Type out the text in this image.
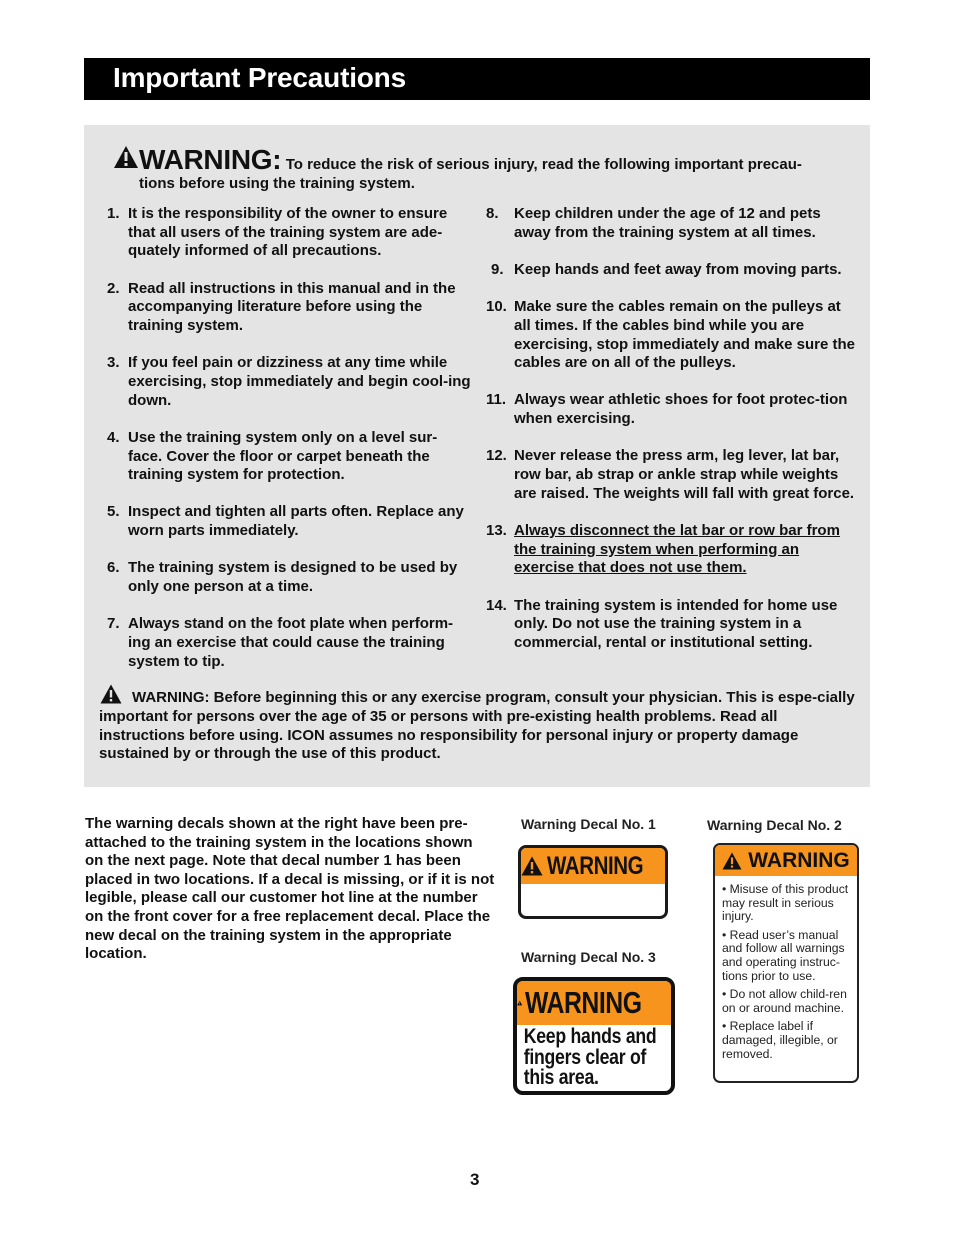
Important Precautions
WARNING: To reduce the risk of serious injury, read the following important precau-
tions before using the training system.
1. It is the responsibility of the owner to ensure that all users of the training system are ade-quately informed of all precautions.
2. Read all instructions in this manual and in the accompanying literature before using the training system.
3. If you feel pain or dizziness at any time while exercising, stop immediately and begin cool-ing down.
4. Use the training system only on a level sur-face. Cover the floor or carpet beneath the training system for protection.
5. Inspect and tighten all parts often. Replace any worn parts immediately.
6. The training system is designed to be used by only one person at a time.
7. Always stand on the foot plate when perform-ing an exercise that could cause the training system to tip.
8. Keep children under the age of 12 and pets away from the training system at all times.
9. Keep hands and feet away from moving parts.
10. Make sure the cables remain on the pulleys at all times. If the cables bind while you are exercising, stop immediately and make sure the cables are on all of the pulleys.
11. Always wear athletic shoes for foot protec-tion when exercising.
12. Never release the press arm, leg lever, lat bar, row bar, ab strap or ankle strap while weights are raised. The weights will fall with great force.
13. Always disconnect the lat bar or row bar from the training system when performing an exercise that does not use them.
14. The training system is intended for home use only. Do not use the training system in a commercial, rental or institutional setting.
WARNING: Before beginning this or any exercise program, consult your physician. This is espe-cially important for persons over the age of 35 or persons with pre-existing health problems. Read all instructions before using. ICON assumes no responsibility for personal injury or property damage sustained by or through the use of this product.
The warning decals shown at the right have been pre-attached to the training system in the locations shown on the next page. Note that decal number 1 has been placed in two locations. If a decal is missing, or if it is not legible, please call our customer hot line at the number on the front cover for a free replacement decal. Place the new decal on the training system in the appropriate location.
Warning Decal No. 1	Warning Decal No. 2
Warning Decal No. 3
WARNING	WARNING

• Misuse of this product may result in serious injury.

• Read user’s manual and follow all warnings and operating instruc-tions prior to use.

• Do not allow child-ren on or around machine.

• Replace label if damaged, illegible, or removed.

WARNING
Keep hands and fingers clear of this area.
3
